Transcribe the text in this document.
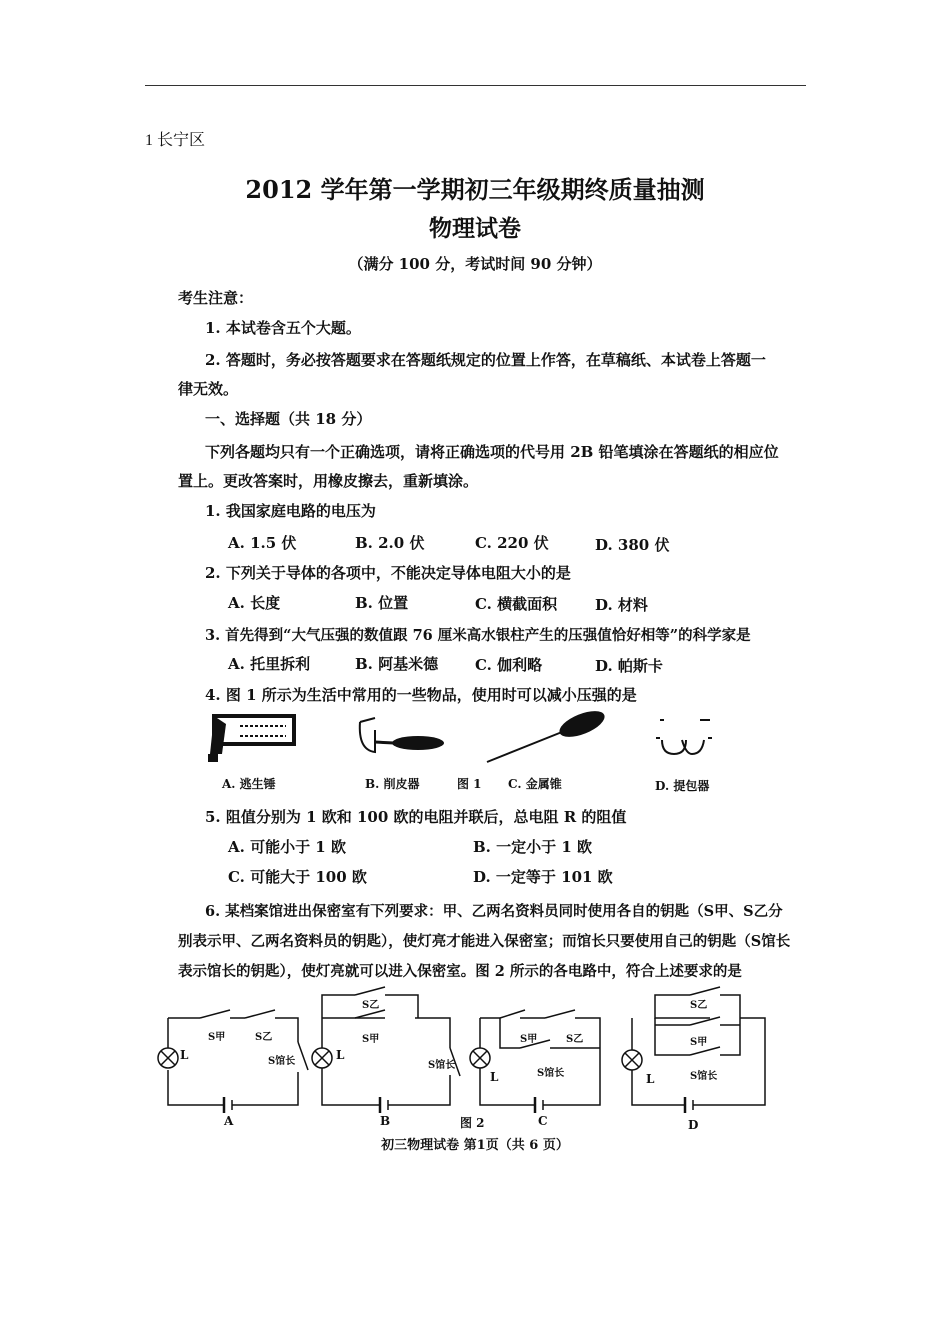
1 长宁区
2012 学年第一学期初三年级期终质量抽测
物理试卷
（满分 100 分，考试时间 90 分钟）
考生注意：
1. 本试卷含五个大题。
2. 答题时，务必按答题要求在答题纸规定的位置上作答，在草稿纸、本试卷上答题一
律无效。
一、选择题（共 18 分）
下列各题均只有一个正确选项，请将正确选项的代号用 2B 铅笔填涂在答题纸的相应位
置上。更改答案时，用橡皮擦去，重新填涂。
1. 我国家庭电路的电压为
A. 1.5 伏	B. 2.0 伏	C. 220 伏	D. 380 伏
2. 下列关于导体的各项中，不能决定导体电阻大小的是
A. 长度	B. 位置	C. 横截面积	D. 材料
3. 首先得到“大气压强的数值跟 76 厘米高水银柱产生的压强值恰好相等”的科学家是
A. 托里拆利	B. 阿基米德 C. 伽利略	D. 帕斯卡
4. 图 1 所示为生活中常用的一些物品，使用时可以减小压强的是
A. 逃生锤	B. 削皮器	图 1 C. 金属锥	D. 提包器
5. 阻值分别为 1 欧和 100 欧的电阻并联后，总电阻 R 的阻值
A. 可能小于 1 欧	B. 一定小于 1 欧
C. 可能大于 100 欧	D. 一定等于 101 欧
6. 某档案馆进出保密室有下列要求：甲、乙两名资料员同时使用各自的钥匙（S甲、S乙分
别表示甲、乙两名资料员的钥匙），使灯亮才能进入保密室；而馆长只要使用自己的钥匙（S馆长
表示馆长的钥匙），使灯亮就可以进入保密室。图 2 所示的各电路中，符合上述要求的是
L
S甲	S乙
S馆长	L
S乙
S甲
S馆长
L
S甲	S乙
S馆长	L
S乙
S甲
S馆长
A	B	图 2	C	D
初三物理试卷 第1页（共 6 页）
